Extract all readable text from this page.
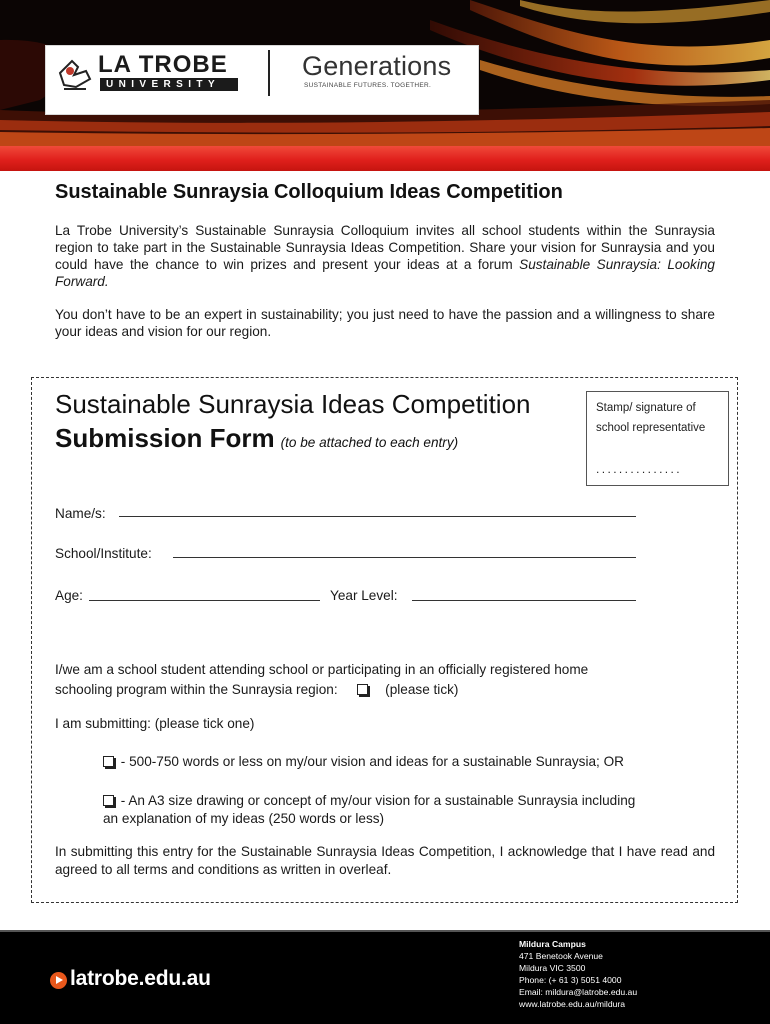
LA TROBE
UNIVERSITY
Generations
SUSTAINABLE FUTURES. TOGETHER.
Sustainable Sunraysia Colloquium Ideas Competition

La Trobe University’s Sustainable Sunraysia Colloquium invites all school students within the Sunraysia region to take part in the Sustainable Sunraysia Ideas Competition. Share your vision for Sunraysia and you could have the chance to win prizes and present your ideas at a forum Sustainable Sunraysia: Looking Forward.

You don’t have to be an expert in sustainability; you just need to have the passion and a willingness to share your ideas and vision for our region.

Sustainable Sunraysia Ideas Competition
Submission Form (to be attached to each entry)
Stamp/ signature of school representative
...............
Name/s:
School/Institute:
Age:	Year Level:
I/we am a school student attending school or participating in an officially registered home
schooling program within the Sunraysia region:	(please tick)
I am submitting: (please tick one)
- 500-750 words or less on my/our vision and ideas for a sustainable Sunraysia; OR
- An A3 size drawing or concept of my/our vision for a sustainable Sunraysia including
an explanation of my ideas (250 words or less)
In submitting this entry for the Sustainable Sunraysia Ideas Competition, I acknowledge that I have read and agreed to all terms and conditions as written in overleaf.
latrobe.edu.au
Mildura Campus
471 Benetook Avenue
Mildura VIC 3500
Phone: (+ 61 3) 5051 4000
Email: mildura@latrobe.edu.au
www.latrobe.edu.au/mildura
